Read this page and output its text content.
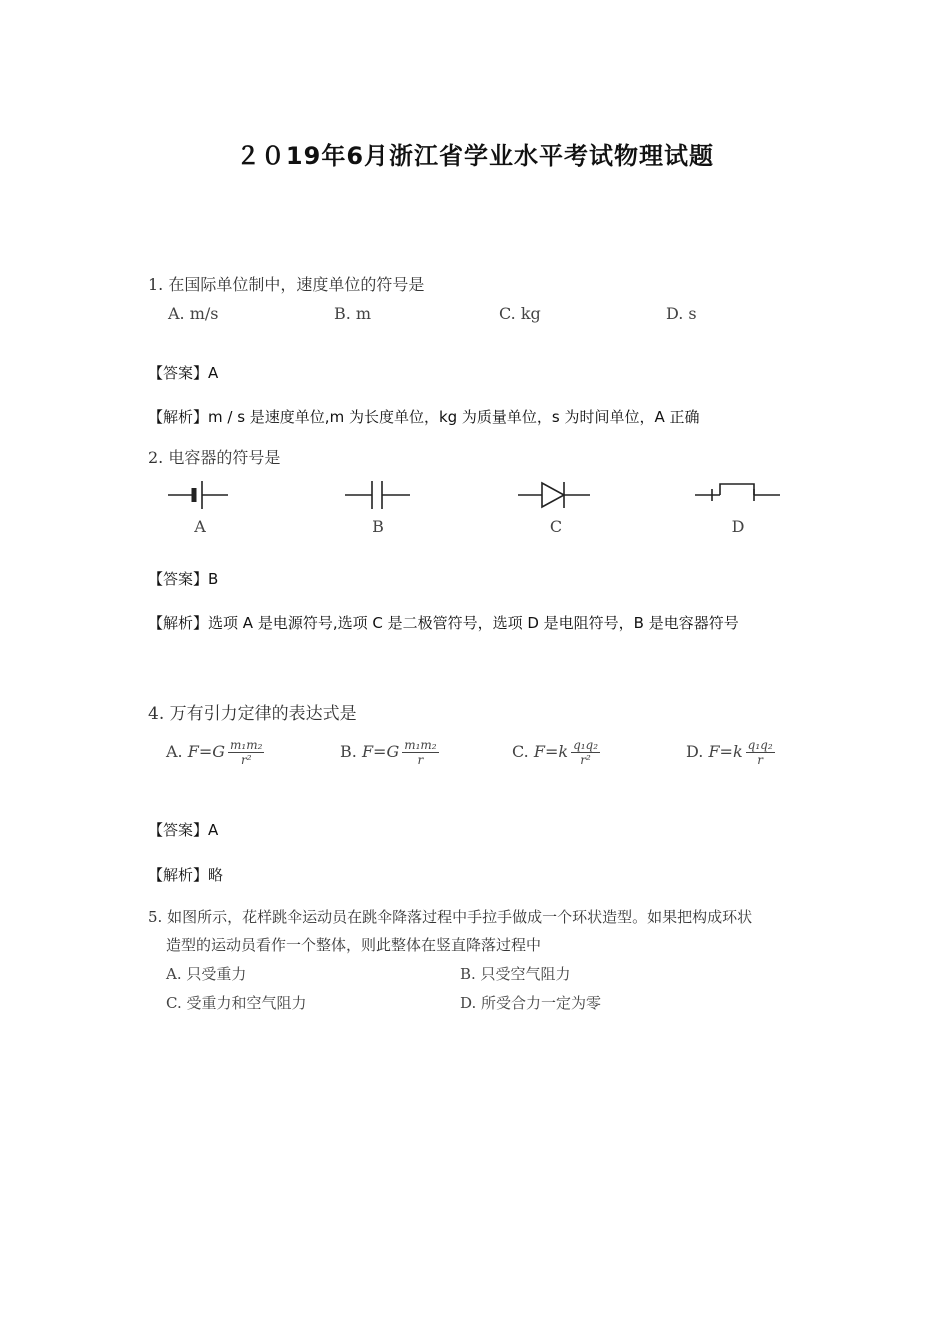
２０19年6月浙江省学业水平考试物理试题
1. 在国际单位制中，速度单位的符号是
A. m/s	B. m	C. kg	D. s
【答案】A
【解析】m / s 是速度单位,m 为长度单位，kg 为质量单位，s 为时间单位，A 正确
2. 电容器的符号是
A	B	C	D
【答案】B
【解析】选项 A 是电源符号,选项 C 是二极管符号，选项 D 是电阻符号，B 是电容器符号
4. 万有引力定律的表达式是
A. $F=G \frac{\text{m₁m₂}}{\text{r²}}$	B. $F=G \frac{\text{m₁m₂}}{r}$	C. $F=k \frac{\text{q₁q₂}}{\text{r²}}$	D. $F=k \frac{\text{q₁q₂}}{r}$
【答案】A
【解析】略
5. 如图所示，花样跳伞运动员在跳伞降落过程中手拉手做成一个环状造型。如果把构成环状
造型的运动员看作一个整体，则此整体在竖直降落过程中
A. 只受重力	B. 只受空气阻力
C. 受重力和空气阻力	D. 所受合力一定为零
